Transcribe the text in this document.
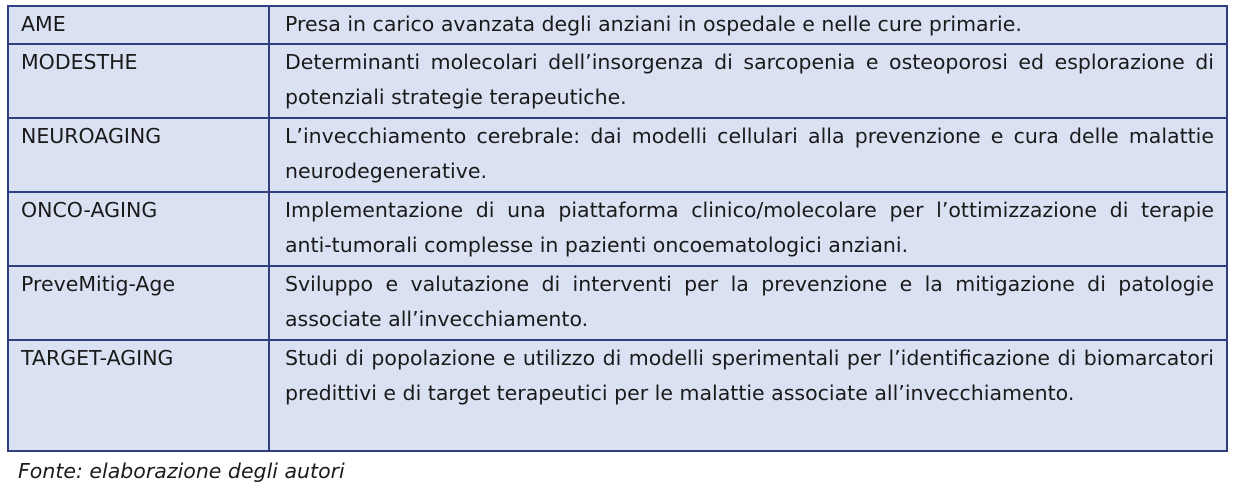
AME	Presa in carico avanzata degli anziani in ospedale e nelle cure primarie.
MODESTHE	Determinanti molecolari dell’insorgenza di sarcopenia e osteoporosi ed esplorazione di potenziali strategie terapeutiche.
NEUROAGING	L’invecchiamento cerebrale: dai modelli cellulari alla prevenzione e cura delle malattie neurodegenerative.
ONCO-AGING	Implementazione di una piattaforma clinico/molecolare per l’ottimizzazione di terapie anti-tumorali complesse in pazienti oncoematologici anziani.
PreveMitig-Age	Sviluppo e valutazione di interventi per la prevenzione e la mitigazione di patologie associate all’invecchiamento.
TARGET-AGING	Studi di popolazione e utilizzo di modelli sperimentali per l’identificazione di biomarcatori predittivi e di target terapeutici per le malattie associate all’invecchiamento.
Fonte: elaborazione degli autori
